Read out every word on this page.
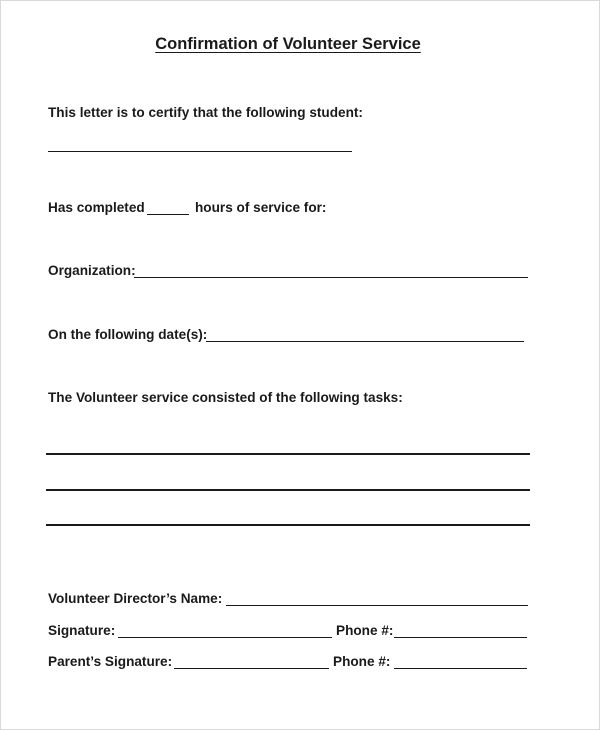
Confirmation of Volunteer Service

This letter is to certify that the following student:

Has completed	hours of service for:

Organization:

On the following date(s):

The Volunteer service consisted of the following tasks:

Volunteer Director’s Name:

Signature:	Phone #:

Parent’s Signature:	Phone #:
